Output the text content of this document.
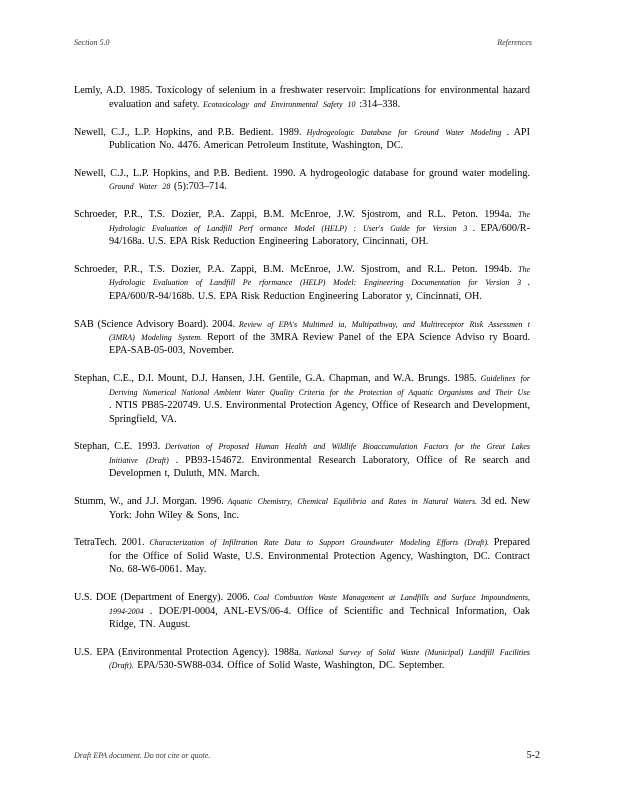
Section 5.0	References

Lemly, A.D. 1985. Toxicology of selenium in a freshwater reservoir: Implications for environmental hazard evaluation and safety. Ecotoxicology and Environmental Safety 10 :314–338.

Newell, C.J., L.P. Hopkins, and P.B. Bedient. 1989. Hydrogeologic Database for Ground Water Modeling . API Publication No. 4476. American Petroleum Institute, Washington, DC.

Newell, C.J., L.P. Hopkins, and P.B. Bedient. 1990. A hydrogeologic database for ground water modeling. Ground Water 28 (5):703–714.

Schroeder, P.R., T.S. Dozier, P.A. Zappi, B.M. McEnroe, J.W. Sjostrom, and R.L. Peton. 1994a. The Hydrologic Evaluation of Landfill Perf ormance Model (HELP) : User's Guide for Version 3 . EPA/600/R-94/168a. U.S. EPA Risk Reduction Engineering Laboratory, Cincinnati, OH.

Schroeder, P.R., T.S. Dozier, P.A. Zappi, B.M. McEnroe, J.W. Sjostrom, and R.L. Peton. 1994b. The Hydrologic Evaluation of Landfill Pe rformance (HELP) Model: Engineering Documentation for Version 3 . EPA/600/R-94/168b. U.S. EPA Risk Reduction Engineering Laborator y, Cincinnati, OH.

SAB (Science Advisory Board). 2004. Review of EPA's Multimed ia, Multipathway, and Multireceptor Risk Assessmen t (3MRA) Modeling System. Report of the 3MRA Review Panel of the EPA Science Adviso ry Board. EPA-SAB-05-003, November.

Stephan, C.E., D.I. Mount, D.J. Hansen, J.H. Gentile, G.A. Chapman, and W.A. Brungs. 1985. Guidelines for Deriving Numerical National Ambient Water Quality Criteria for the Protection of Aquatic Organisms and Their Use . NTIS PB85-220749. U.S. Environmental Protection Agency, Office of Research and Development, Springfield, VA.

Stephan, C.E. 1993. Derivation of Proposed Human Health and Wildlife Bioaccumulation Factors for the Great Lakes Initiative (Draft) . PB93-154672. Environmental Research Laboratory, Office of Re search and Developmen t, Duluth, MN. March.

Stumm, W., and J.J. Morgan. 1996. Aquatic Chemistry, Chemical Equilibria and Rates in Natural Waters. 3d ed. New York: John Wiley & Sons, Inc.

TetraTech. 2001. Characterization of Infiltration Rate Data to Support Groundwater Modeling Efforts (Draft). Prepared for the Office of Solid Waste, U.S. Environmental Protection Agency, Washington, DC. Contract No. 68-W6-0061. May.

U.S. DOE (Department of Energy). 2006. Coal Combustion Waste Management at Landfills and Surface Impoundments, 1994-2004 . DOE/PI-0004, ANL-EVS/06-4. Office of Scientific and Technical Information, Oak Ridge, TN. August.

U.S. EPA (Environmental Protection Agency). 1988a. National Survey of Solid Waste (Municipal) Landfill Facilities (Draft). EPA/530-SW88-034. Office of Solid Waste, Washington, DC. September.

Draft EPA document. Do not cite or quote.	5-2
